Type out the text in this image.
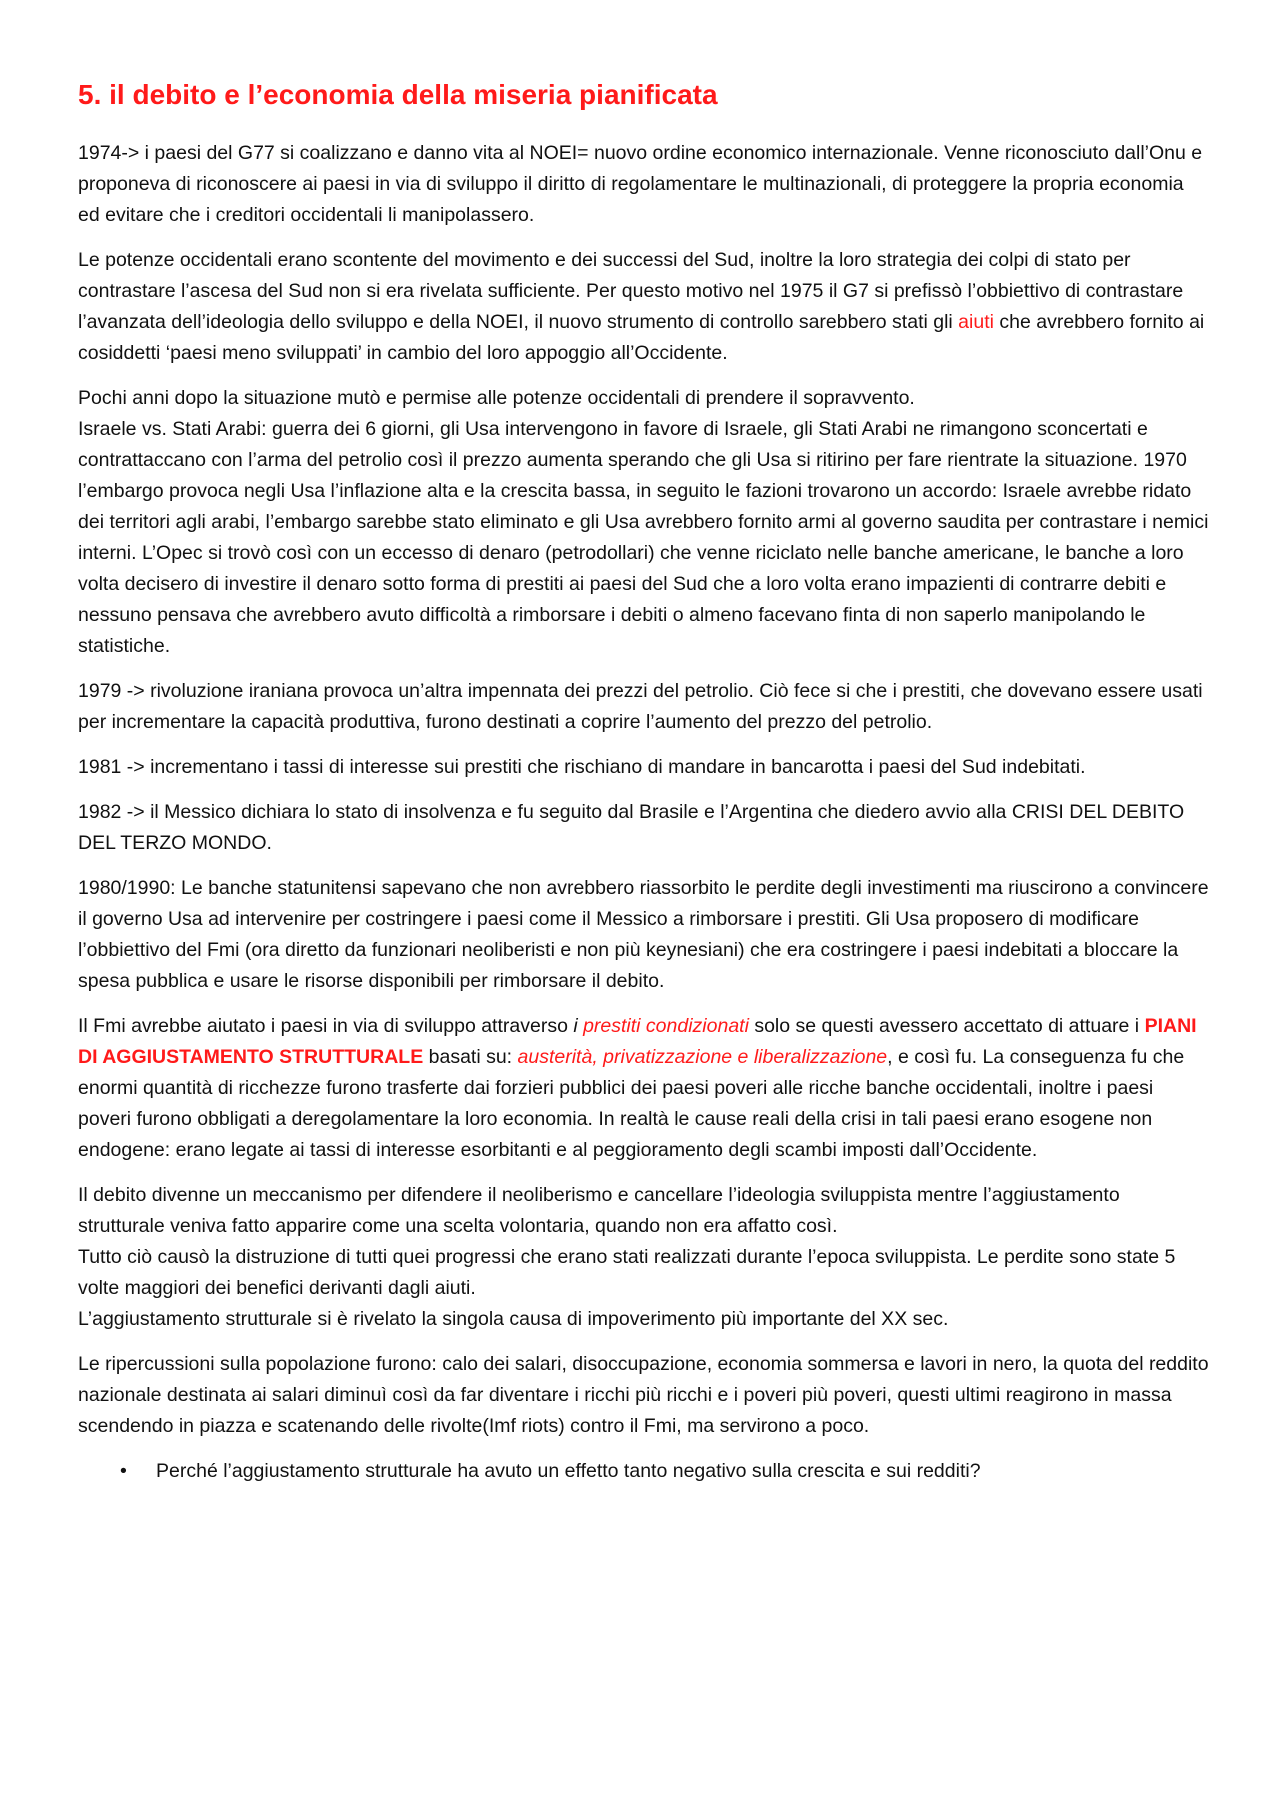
5. il debito e l’economia della miseria pianificata

1974-> i paesi del G77 si coalizzano e danno vita al NOEI= nuovo ordine economico internazionale. Venne riconosciuto dall’Onu e proponeva di riconoscere ai paesi in via di sviluppo il diritto di regolamentare le multinazionali, di proteggere la propria economia ed evitare che i creditori occidentali li manipolassero.

Le potenze occidentali erano scontente del movimento e dei successi del Sud, inoltre la loro strategia dei colpi di stato per contrastare l’ascesa del Sud non si era rivelata sufficiente. Per questo motivo nel 1975 il G7 si prefissò l’obbiettivo di contrastare l’avanzata dell’ideologia dello sviluppo e della NOEI, il nuovo strumento di controllo sarebbero stati gli aiuti che avrebbero fornito ai cosiddetti ‘paesi meno sviluppati’ in cambio del loro appoggio all’Occidente.

Pochi anni dopo la situazione mutò e permise alle potenze occidentali di prendere il sopravvento.
Israele vs. Stati Arabi: guerra dei 6 giorni, gli Usa intervengono in favore di Israele, gli Stati Arabi ne rimangono sconcertati e contrattaccano con l’arma del petrolio così il prezzo aumenta sperando che gli Usa si ritirino per fare rientrate la situazione. 1970 l’embargo provoca negli Usa l’inflazione alta e la crescita bassa, in seguito le fazioni trovarono un accordo: Israele avrebbe ridato dei territori agli arabi, l’embargo sarebbe stato eliminato e gli Usa avrebbero fornito armi al governo saudita per contrastare i nemici interni. L’Opec si trovò così con un eccesso di denaro (petrodollari) che venne riciclato nelle banche americane, le banche a loro volta decisero di investire il denaro sotto forma di prestiti ai paesi del Sud che a loro volta erano impazienti di contrarre debiti e nessuno pensava che avrebbero avuto difficoltà a rimborsare i debiti o almeno facevano finta di non saperlo manipolando le statistiche.

1979 -> rivoluzione iraniana provoca un’altra impennata dei prezzi del petrolio. Ciò fece si che i prestiti, che dovevano essere usati per incrementare la capacità produttiva, furono destinati a coprire l’aumento del prezzo del petrolio.

1981 -> incrementano i tassi di interesse sui prestiti che rischiano di mandare in bancarotta i paesi del Sud indebitati.

1982 -> il Messico dichiara lo stato di insolvenza e fu seguito dal Brasile e l’Argentina che diedero avvio alla CRISI DEL DEBITO DEL TERZO MONDO.

1980/1990: Le banche statunitensi sapevano che non avrebbero riassorbito le perdite degli investimenti ma riuscirono a convincere il governo Usa ad intervenire per costringere i paesi come il Messico a rimborsare i prestiti. Gli Usa proposero di modificare l’obbiettivo del Fmi (ora diretto da funzionari neoliberisti e non più keynesiani) che era costringere i paesi indebitati a bloccare la spesa pubblica e usare le risorse disponibili per rimborsare il debito.

Il Fmi avrebbe aiutato i paesi in via di sviluppo attraverso i prestiti condizionati solo se questi avessero accettato di attuare i PIANI DI AGGIUSTAMENTO STRUTTURALE basati su: austerità, privatizzazione e liberalizzazione, e così fu. La conseguenza fu che enormi quantità di ricchezze furono trasferte dai forzieri pubblici dei paesi poveri alle ricche banche occidentali, inoltre i paesi poveri furono obbligati a deregolamentare la loro economia. In realtà le cause reali della crisi in tali paesi erano esogene non endogene: erano legate ai tassi di interesse esorbitanti e al peggioramento degli scambi imposti dall’Occidente.

Il debito divenne un meccanismo per difendere il neoliberismo e cancellare l’ideologia sviluppista mentre l’aggiustamento strutturale veniva fatto apparire come una scelta volontaria, quando non era affatto così.
Tutto ciò causò la distruzione di tutti quei progressi che erano stati realizzati durante l’epoca sviluppista. Le perdite sono state 5 volte maggiori dei benefici derivanti dagli aiuti.
L’aggiustamento strutturale si è rivelato la singola causa di impoverimento più importante del XX sec.

Le ripercussioni sulla popolazione furono: calo dei salari, disoccupazione, economia sommersa e lavori in nero, la quota del reddito nazionale destinata ai salari diminuì così da far diventare i ricchi più ricchi e i poveri più poveri, questi ultimi reagirono in massa scendendo in piazza e scatenando delle rivolte(Imf riots) contro il Fmi, ma servirono a poco.

• Perché l’aggiustamento strutturale ha avuto un effetto tanto negativo sulla crescita e sui redditi?
